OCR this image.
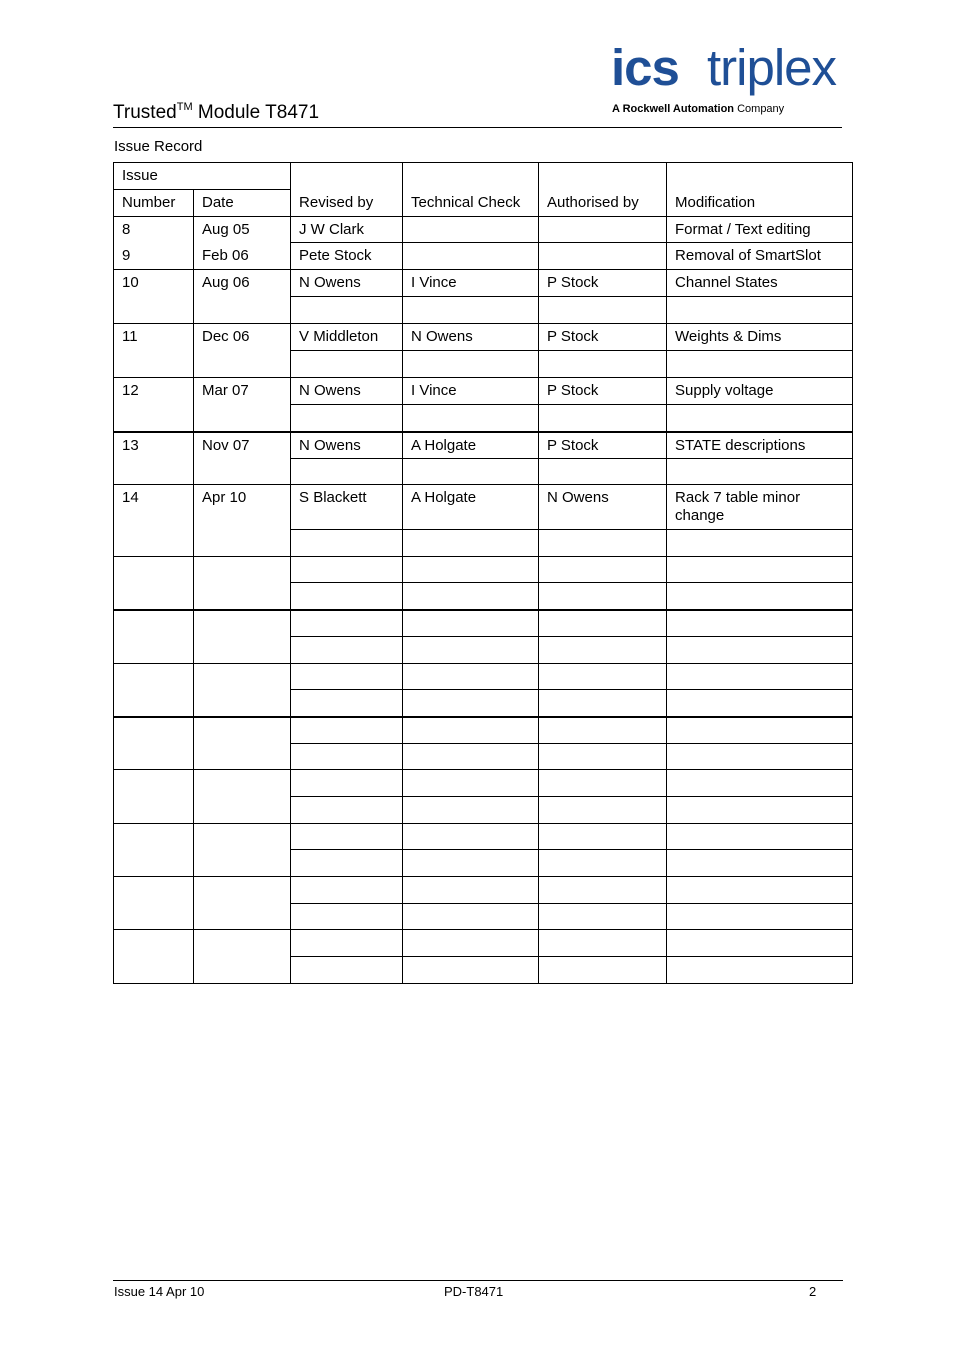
ics triplex
A Rockwell Automation Company
Trusted™ Module T8471
Issue Record
Issue		Revised by	Technical Check	Authorised by	Modification
Number	Date				
8	Aug 05	J W Clark			Format / Text editing
9	Feb 06	Pete Stock			Removal of SmartSlot
10	Aug 06	N Owens	I Vince	P Stock	Channel States

11	Dec 06	V Middleton	N Owens	P Stock	Weights & Dims

12	Mar 07	N Owens	I Vince	P Stock	Supply voltage

13	Nov 07	N Owens	A Holgate	P Stock	STATE descriptions

14	Apr 10	S Blackett	A Holgate	N Owens	Rack 7 table minor change

Issue 14 Apr 10	PD-T8471	2
